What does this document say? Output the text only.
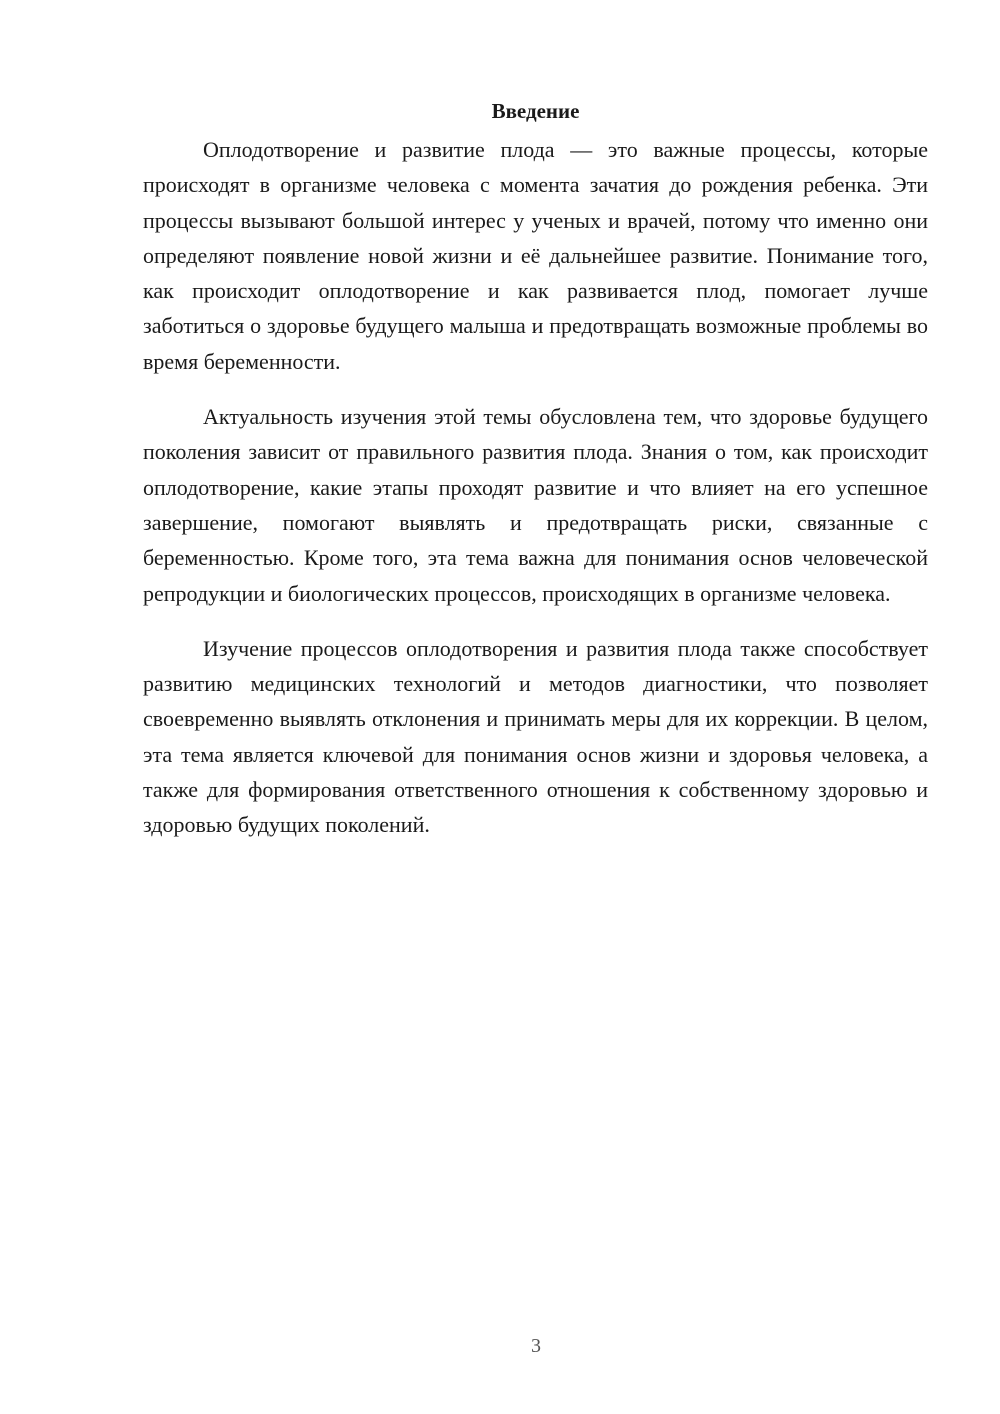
Введение

Оплодотворение и развитие плода — это важные процессы, которые происходят в организме человека с момента зачатия до рождения ребенка. Эти процессы вызывают большой интерес у ученых и врачей, потому что именно они определяют появление новой жизни и её дальнейшее развитие. Понимание того, как происходит оплодотворение и как развивается плод, помогает лучше заботиться о здоровье будущего малыша и предотвращать возможные проблемы во время беременности.

Актуальность изучения этой темы обусловлена тем, что здоровье будущего поколения зависит от правильного развития плода. Знания о том, как происходит оплодотворение, какие этапы проходят развитие и что влияет на его успешное завершение, помогают выявлять и предотвращать риски, связанные с беременностью. Кроме того, эта тема важна для понимания основ человеческой репродукции и биологических процессов, происходящих в организме человека.

Изучение процессов оплодотворения и развития плода также способствует развитию медицинских технологий и методов диагностики, что позволяет своевременно выявлять отклонения и принимать меры для их коррекции. В целом, эта тема является ключевой для понимания основ жизни и здоровья человека, а также для формирования ответственного отношения к собственному здоровью и здоровью будущих поколений.

3
